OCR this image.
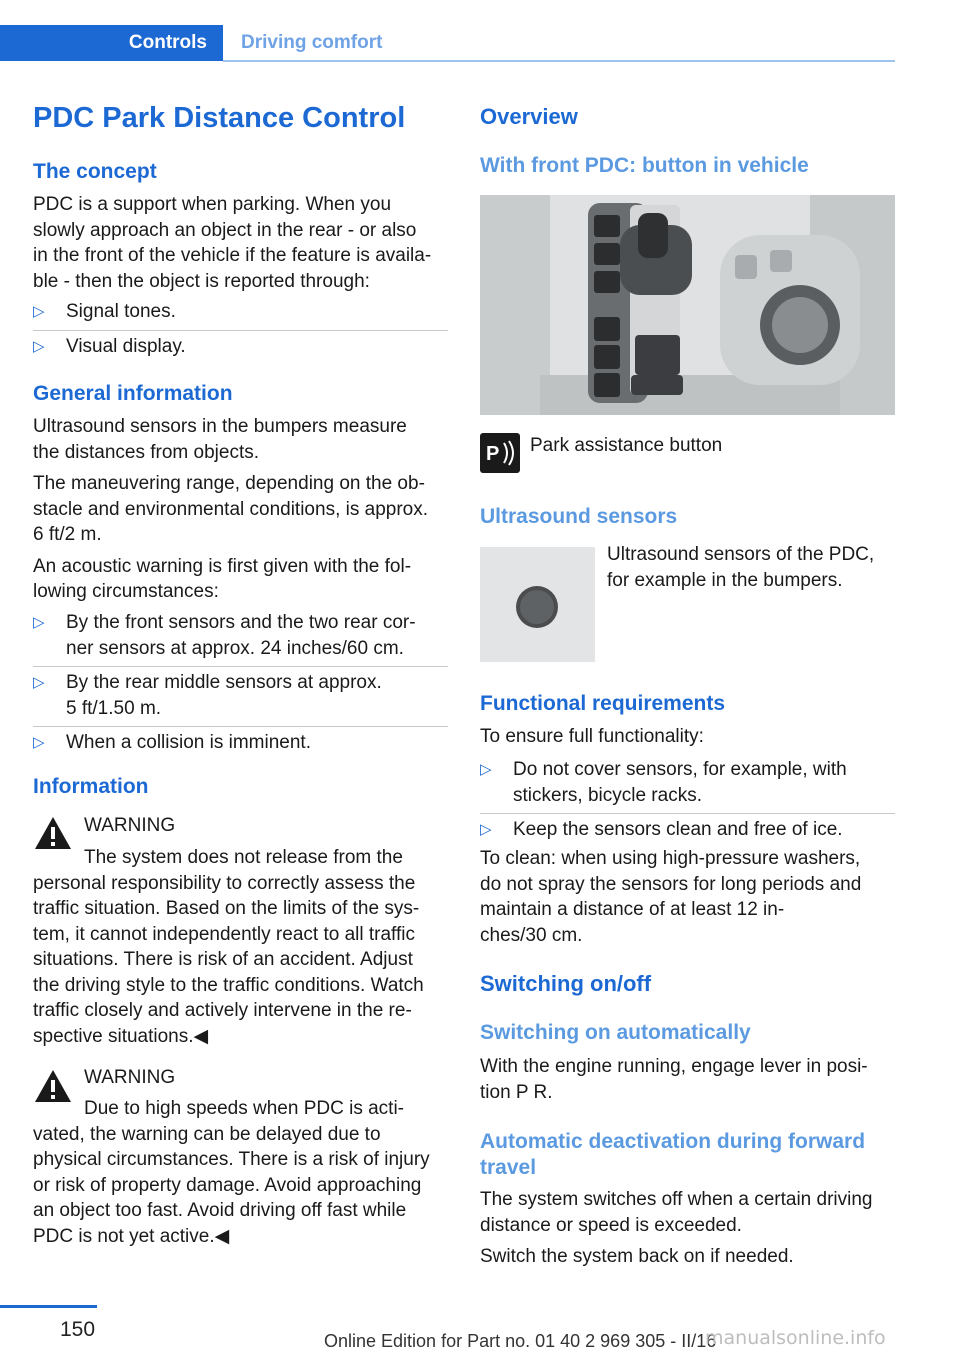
Controls Driving comfort
PDC Park Distance Control
The concept

PDC is a support when parking. When you

slowly approach an object in the rear - or also

in the front of the vehicle if the feature is availa-

ble - then the object is reported through:

▷	Signal tones.
▷	Visual display.
General information

Ultrasound sensors in the bumpers measure

the distances from objects.

The maneuvering range, depending on the ob-

stacle and environmental conditions, is approx.

6 ft/2 m.

An acoustic warning is first given with the fol-

lowing circumstances:

▷	By the front sensors and the two rear cor-
ner sensors at approx. 24 inches/60 cm.
▷	By the rear middle sensors at approx.
5 ft/1.50 m.
▷	When a collision is imminent.
Information
WARNING

The system does not release from the

personal responsibility to correctly assess the

traffic situation. Based on the limits of the sys-

tem, it cannot independently react to all traffic

situations. There is risk of an accident. Adjust

the driving style to the traffic conditions. Watch

traffic closely and actively intervene in the re-

spective situations.◀

WARNING

Due to high speeds when PDC is acti-

vated, the warning can be delayed due to

physical circumstances. There is a risk of injury

or risk of property damage. Avoid approaching

an object too fast. Avoid driving off fast while

PDC is not yet active.◀

Overview
With front PDC: button in vehicle
P Park assistance button
Ultrasound sensors

Ultrasound sensors of the PDC,

for example in the bumpers.

Functional requirements

To ensure full functionality:

▷	Do not cover sensors, for example, with
stickers, bicycle racks.
▷	Keep the sensors clean and free of ice.

To clean: when using high-pressure washers,

do not spray the sensors for long periods and

maintain a distance of at least 12 in-

ches/30 cm.

Switching on/off
Switching on automatically

With the engine running, engage lever in posi-

tion P R.

Automatic deactivation during forward
travel

The system switches off when a certain driving

distance or speed is exceeded.

Switch the system back on if needed.

150	Online Edition for Part no. 01 40 2 969 305 - II/16
manualsonline.info
